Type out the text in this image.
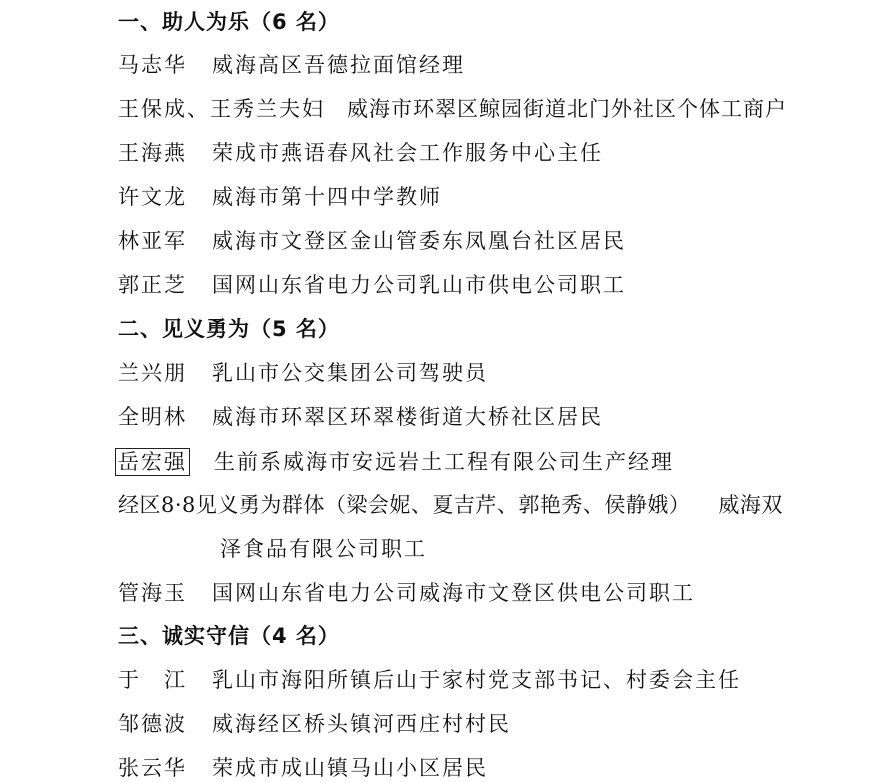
一、助人为乐（6 名）
马志华 威海高区吾德拉面馆经理
王保成、王秀兰夫妇 威海市环翠区鲸园街道北门外社区个体工商户
王海燕 荣成市燕语春风社会工作服务中心主任
许文龙 威海市第十四中学教师
林亚军 威海市文登区金山管委东凤凰台社区居民
郭正芝 国网山东省电力公司乳山市供电公司职工
二、见义勇为（5 名）
兰兴朋 乳山市公交集团公司驾驶员
全明林 威海市环翠区环翠楼街道大桥社区居民
岳宏强 生前系威海市安远岩土工程有限公司生产经理
经区8·8见义勇为群体（梁会妮、夏吉芹、郭艳秀、侯静娥） 威海双
泽食品有限公司职工
管海玉 国网山东省电力公司威海市文登区供电公司职工
三、诚实守信（4 名）
于　江 乳山市海阳所镇后山于家村党支部书记、村委会主任
邹德波 威海经区桥头镇河西庄村村民
张云华 荣成市成山镇马山小区居民
